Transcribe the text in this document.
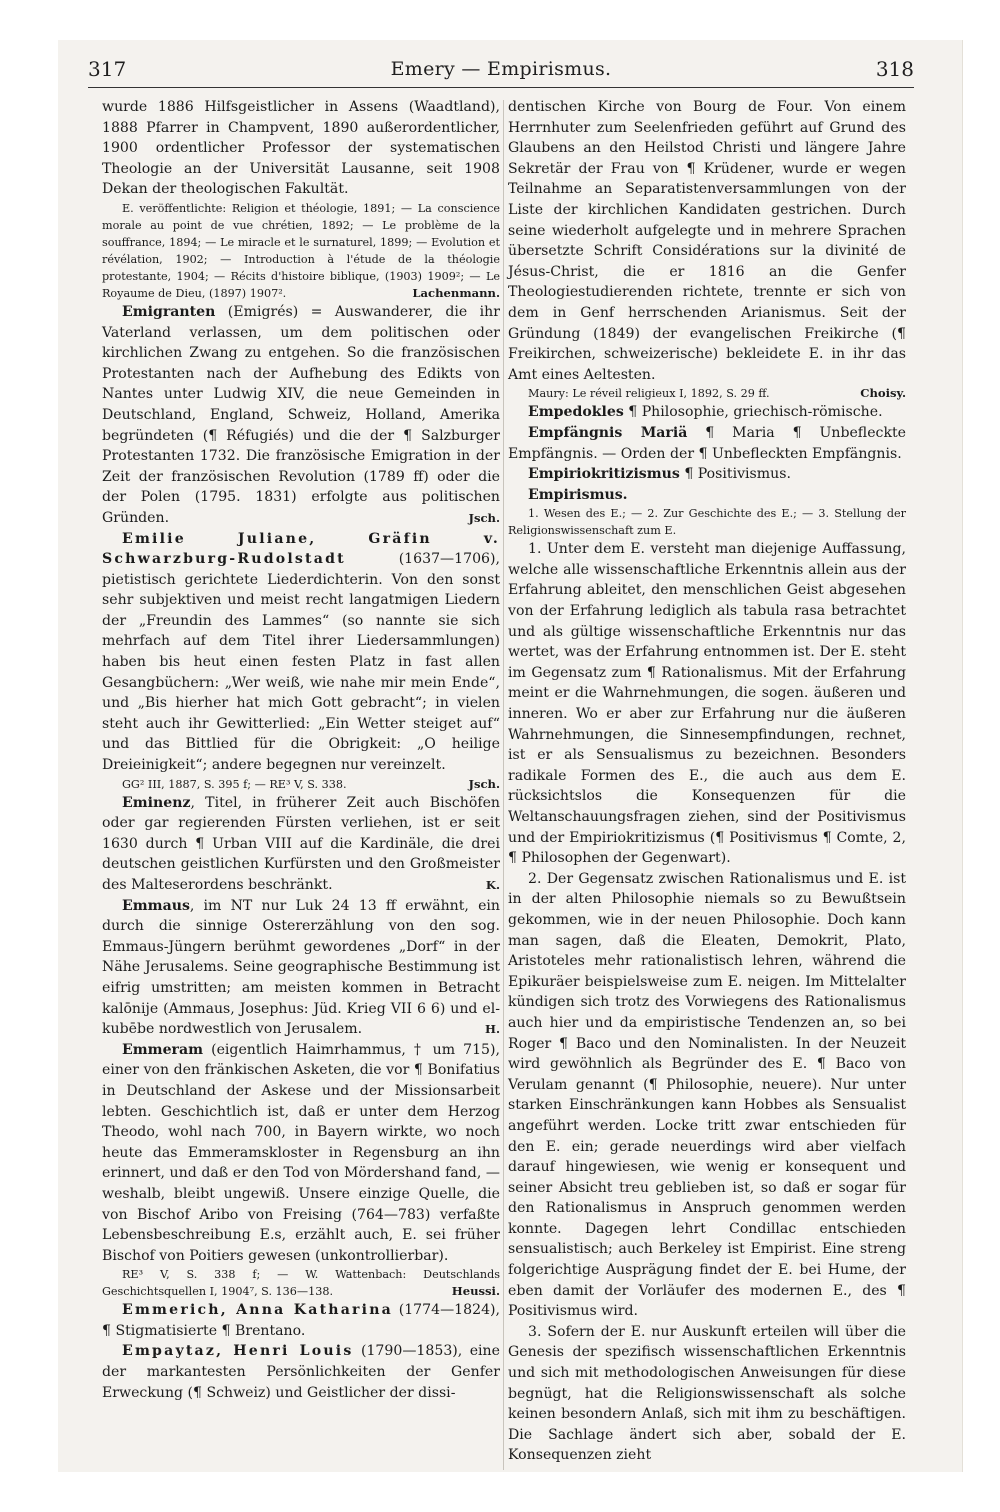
317	Emery — Empirismus.	318

wurde 1886 Hilfsgeistlicher in Assens (Waadtland), 1888 Pfarrer in Champvent, 1890 außerordentlicher, 1900 ordentlicher Professor der systematischen Theologie an der Universität Lausanne, seit 1908 Dekan der theologischen Fakultät.

E. veröffentlichte: Religion et théologie, 1891; — La conscience morale au point de vue chrétien, 1892; — Le problème de la souffrance, 1894; — Le miracle et le surnaturel, 1899; — Evolution et révélation, 1902; — Introduction à l'étude de la théologie protestante, 1904; — Récits d'histoire biblique, (1903) 1909²; — Le Royaume de Dieu, (1897) 1907².	Lachenmann.

Emigranten (Emigrés) = Auswanderer, die ihr Vaterland verlassen, um dem politischen oder kirchlichen Zwang zu entgehen. So die französischen Protestanten nach der Aufhebung des Edikts von Nantes unter Ludwig XIV, die neue Gemeinden in Deutschland, England, Schweiz, Holland, Amerika begründeten (¶ Réfugiés) und die der ¶ Salzburger Protestanten 1732. Die französische Emigration in der Zeit der französischen Revolution (1789 ff) oder die der Polen (1795. 1831) erfolgte aus politischen Gründen.	Jsch.

Emilie Juliane, Gräfin v. Schwarzburg-Rudolstadt	(1637—1706), pietistisch gerichtete Liederdichterin. Von den sonst sehr subjektiven und meist recht langatmigen Liedern der „Freundin des Lammes“ (so nannte sie sich mehrfach auf dem Titel ihrer Liedersammlungen) haben bis heut einen festen Platz in fast allen Gesangbüchern: „Wer weiß, wie nahe mir mein Ende“, und „Bis hierher hat mich Gott gebracht“; in vielen steht auch ihr Gewitterlied: „Ein Wetter steiget auf“ und das Bittlied für die Obrigkeit: „O heilige Dreieinigkeit“; andere begegnen nur vereinzelt.

GG² III, 1887, S. 395 f; — RE³ V, S. 338.	Jsch.

Eminenz, Titel, in früherer Zeit auch Bischöfen oder gar regierenden Fürsten verliehen, ist er seit 1630 durch ¶ Urban VIII auf die Kardinäle, die drei deutschen geistlichen Kurfürsten und den Großmeister des Malteserordens beschränkt.	K.

Emmaus, im NT nur Luk 24 13 ff erwähnt, ein durch die sinnige Ostererzählung von den sog. Emmaus-Jüngern berühmt gewordenes „Dorf“ in der Nähe Jerusalems. Seine geographische Bestimmung ist eifrig umstritten; am meisten kommen in Betracht kalōnije (Ammaus, Josephus: Jüd. Krieg VII 6 6) und el-kubēbe nordwestlich von Jerusalem.	H.

Emmeram (eigentlich Haimrhammus, † um 715), einer von den fränkischen Asketen, die vor ¶ Bonifatius in Deutschland der Askese und der Missionsarbeit lebten. Geschichtlich ist, daß er unter dem Herzog Theodo, wohl nach 700, in Bayern wirkte, wo noch heute das Emmeramskloster in Regensburg an ihn erinnert, und daß er den Tod von Mördershand fand, — weshalb, bleibt ungewiß. Unsere einzige Quelle, die von Bischof Aribo von Freising (764—783) verfaßte Lebensbeschreibung E.s, erzählt auch, E. sei früher Bischof von Poitiers gewesen (unkontrollierbar).

RE³ V, S. 338 f; — W. Wattenbach: Deutschlands Geschichtsquellen I, 1904⁷, S. 136—138.	Heussi.

Emmerich, Anna Katharina (1774—1824), ¶ Stigmatisierte ¶ Brentano.

Empaytaz, Henri Louis (1790—1853), eine der markantesten Persönlichkeiten der Genfer Erweckung (¶ Schweiz) und Geistlicher der dissi-

dentischen Kirche von Bourg de Four. Von einem Herrnhuter zum Seelenfrieden geführt auf Grund des Glaubens an den Heilstod Christi und längere Jahre Sekretär der Frau von ¶ Krüdener, wurde er wegen Teilnahme an Separatistenversammlungen von der Liste der kirchlichen Kandidaten gestrichen. Durch seine wiederholt aufgelegte und in mehrere Sprachen übersetzte Schrift Considérations sur la divinité de Jésus-Christ, die er 1816 an die Genfer Theologiestudierenden richtete, trennte er sich von dem in Genf herrschenden Arianismus. Seit der Gründung (1849) der evangelischen Freikirche (¶ Freikirchen, schweizerische) bekleidete E. in ihr das Amt eines Aeltesten.

Maury: Le réveil religieux I, 1892, S. 29 ff.	Choisy.

Empedokles ¶ Philosophie, griechisch-römische.

Empfängnis Mariä ¶ Maria ¶ Unbefleckte Empfängnis. — Orden der ¶ Unbefleckten Empfängnis.

Empiriokritizismus ¶ Positivismus.

Empirismus.

1. Wesen des E.; — 2. Zur Geschichte des E.; — 3. Stellung der Religionswissenschaft zum E.

1. Unter dem E. versteht man diejenige Auffassung, welche alle wissenschaftliche Erkenntnis allein aus der Erfahrung ableitet, den menschlichen Geist abgesehen von der Erfahrung lediglich als tabula rasa betrachtet und als gültige wissenschaftliche Erkenntnis nur das wertet, was der Erfahrung entnommen ist. Der E. steht im Gegensatz zum ¶ Rationalismus. Mit der Erfahrung meint er die Wahrnehmungen, die sogen. äußeren und inneren. Wo er aber zur Erfahrung nur die äußeren Wahrnehmungen, die Sinnesempfindungen, rechnet, ist er als Sensualismus zu bezeichnen. Besonders radikale Formen des E., die auch aus dem E. rücksichtslos die Konsequenzen für die Weltanschauungsfragen ziehen, sind der Positivismus und der Empiriokritizismus (¶ Positivismus ¶ Comte, 2, ¶ Philosophen der Gegenwart).

2. Der Gegensatz zwischen Rationalismus und E. ist in der alten Philosophie niemals so zu Bewußtsein gekommen, wie in der neuen Philosophie. Doch kann man sagen, daß die Eleaten, Demokrit, Plato, Aristoteles mehr rationalistisch lehren, während die Epikuräer beispielsweise zum E. neigen. Im Mittelalter kündigen sich trotz des Vorwiegens des Rationalismus auch hier und da empiristische Tendenzen an, so bei Roger ¶ Baco und den Nominalisten. In der Neuzeit wird gewöhnlich als Begründer des E. ¶ Baco von Verulam genannt (¶ Philosophie, neuere). Nur unter starken Einschränkungen kann Hobbes als Sensualist angeführt werden. Locke tritt zwar entschieden für den E. ein; gerade neuerdings wird aber vielfach darauf hingewiesen, wie wenig er konsequent und seiner Absicht treu geblieben ist, so daß er sogar für den Rationalismus in Anspruch genommen werden konnte. Dagegen lehrt Condillac entschieden sensualistisch; auch Berkeley ist Empirist. Eine streng folgerichtige Ausprägung findet der E. bei Hume, der eben damit der Vorläufer des modernen E., des ¶ Positivismus wird.

3. Sofern der E. nur Auskunft erteilen will über die Genesis der spezifisch wissenschaftlichen Erkenntnis und sich mit methodologischen Anweisungen für diese begnügt, hat die Religionswissenschaft als solche keinen besondern Anlaß, sich mit ihm zu beschäftigen. Die Sachlage ändert sich aber, sobald der E. Konsequenzen zieht
